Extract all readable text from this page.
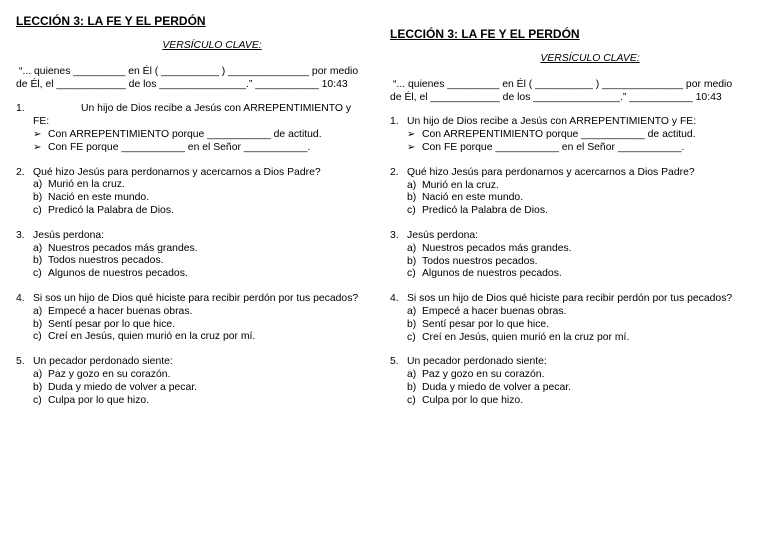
LECCIÓN 3: LA FE Y EL PERDÓN

VERSÍCULO CLAVE:
“... quienes _________ en Él ( __________ ) ______________ por medio
de Él, el ____________ de los _______________.” ___________ 10:43
1.	Un hijo de Dios recibe a Jesús con ARREPENTIMIENTO y FE:
➢ Con ARREPENTIMIENTO porque ___________ de actitud.
➢ Con FE porque ___________ en el Señor ___________.
2. Qué hizo Jesús para perdonarnos y acercarnos a Dios Padre?
a) Murió en la cruz.
b) Nació en este mundo.
c) Predicó la Palabra de Dios.
3. Jesús perdona:
a) Nuestros pecados más grandes.
b) Todos nuestros pecados.
c) Algunos de nuestros pecados.
4. Si sos un hijo de Dios qué hiciste para recibir perdón por tus pecados?
a) Empecé a hacer buenas obras.
b) Sentí pesar por lo que hice.
c) Creí en Jesús, quien murió en la cruz por mí.
5. Un pecador perdonado siente:
a) Paz y gozo en su corazón.
b) Duda y miedo de volver a pecar.
c) Culpa por lo que hizo.

LECCIÓN 3: LA FE Y EL PERDÓN

VERSÍCULO CLAVE:
“... quienes _________ en Él ( __________ ) ______________ por medio
de Él, el ____________ de los _______________.” ___________ 10:43
1. Un hijo de Dios recibe a Jesús con ARREPENTIMIENTO y FE:
➢ Con ARREPENTIMIENTO porque ___________ de actitud.
➢ Con FE porque ___________ en el Señor ___________.
2. Qué hizo Jesús para perdonarnos y acercarnos a Dios Padre?
a) Murió en la cruz.
b) Nació en este mundo.
c) Predicó la Palabra de Dios.
3. Jesús perdona:
a) Nuestros pecados más grandes.
b) Todos nuestros pecados.
c) Algunos de nuestros pecados.
4. Si sos un hijo de Dios qué hiciste para recibir perdón por tus pecados?
a) Empecé a hacer buenas obras.
b) Sentí pesar por lo que hice.
c) Creí en Jesús, quien murió en la cruz por mí.
5. Un pecador perdonado siente:
a) Paz y gozo en su corazón.
b) Duda y miedo de volver a pecar.
c) Culpa por lo que hizo.
